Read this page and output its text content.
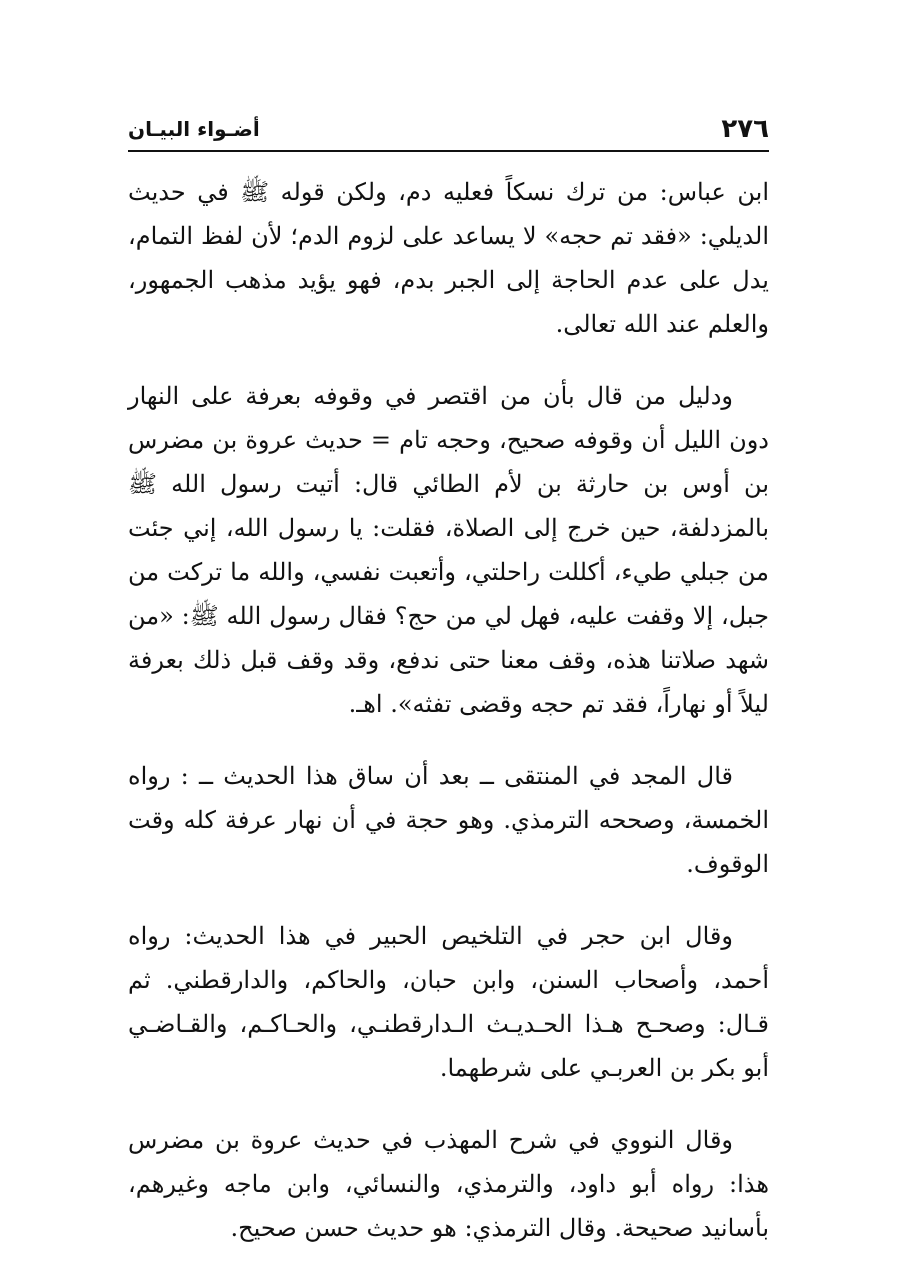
٢٧٦
أضـواء البيـان

ابن عباس: من ترك نسكاً فعليه دم، ولكن قوله ﷺ في حديث الديلي: «فقد تم حجه» لا يساعد على لزوم الدم؛ لأن لفظ التمام، يدل على عدم الحاجة إلى الجبر بدم، فهو يؤيد مذهب الجمهور، والعلم عند الله تعالى.

ودليل من قال بأن من اقتصر في وقوفه بعرفة على النهار دون الليل أن وقوفه صحيح، وحجه تام = حديث عروة بن مضرس بن أوس بن حارثة بن لأم الطائي قال: أتيت رسول الله ﷺ بالمزدلفة، حين خرج إلى الصلاة، فقلت: يا رسول الله، إني جئت من جبلي طيء، أكللت راحلتي، وأتعبت نفسي، والله ما تركت من جبل، إلا وقفت عليه، فهل لي من حج؟ فقال رسول الله ﷺ: «من شهد صلاتنا هذه، وقف معنا حتى ندفع، وقد وقف قبل ذلك بعرفة ليلاً أو نهاراً، فقد تم حجه وقضى تفثه». اهـ.

قال المجد في المنتقى ــ بعد أن ساق هذا الحديث ــ : رواه الخمسة، وصححه الترمذي. وهو حجة في أن نهار عرفة كله وقت الوقوف.

وقال ابن حجر في التلخيص الحبير في هذا الحديث: رواه أحمد، وأصحاب السنن، وابن حبان، والحاكم، والدارقطني. ثم قـال: وصحـح هـذا الحـديـث الـدارقطنـي، والحـاكـم، والقـاضـي أبو بكر بن العربـي على شرطهما.

وقال النووي في شرح المهذب في حديث عروة بن مضرس هذا: رواه أبو داود، والترمذي، والنسائي، وابن ماجه وغيرهم، بأسانيد صحيحة. وقال الترمذي: هو حديث حسن صحيح.
